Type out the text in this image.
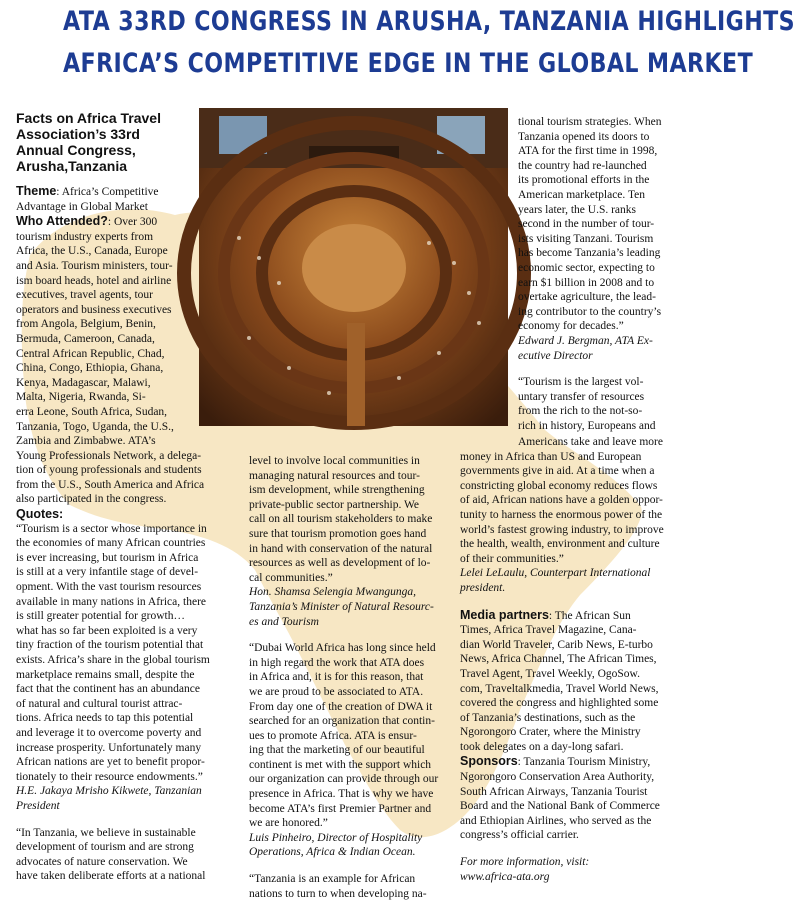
ATA 33RD CONGRESS IN ARUSHA, TANZANIA HIGHLIGHTS
AFRICA’S COMPETITIVE EDGE IN THE GLOBAL MARKET
Facts on Africa Travel
Association’s 33rd
Annual Congress,
Arusha,Tanzania
Theme: Africa’s Competitive
Advantage in Global Market
Who Attended?: Over 300
tourism industry experts from
Africa, the U.S., Canada, Europe
and Asia. Tourism ministers, tour-
ism board heads, hotel and airline
executives, travel agents, tour
operators and business executives
from Angola, Belgium, Benin,
Bermuda, Cameroon, Canada,
Central African Republic, Chad,
China, Congo, Ethiopia, Ghana,
Kenya, Madagascar, Malawi,
Malta, Nigeria, Rwanda, Si-
erra Leone, South Africa, Sudan,
Tanzania, Togo, Uganda, the U.S.,
Zambia and Zimbabwe. ATA’s
Young Professionals Network, a delega-
tion of young professionals and students
from the U.S., South America and Africa
also participated in the congress.
Quotes:
“Tourism is a sector whose importance in
the economies of many African countries
is ever increasing, but tourism in Africa
is still at a very infantile stage of devel-
opment. With the vast tourism resources
available in many nations in Africa, there
is still greater potential for growth…
what has so far been exploited is a very
tiny fraction of the tourism potential that
exists. Africa’s share in the global tourism
marketplace remains small, despite the
fact that the continent has an abundance
of natural and cultural tourist attrac-
tions. Africa needs to tap this potential
and leverage it to overcome poverty and
increase prosperity. Unfortunately many
African nations are yet to benefit propor-
tionately to their resource endowments.”
H.E. Jakaya Mrisho Kikwete, Tanzanian
President
“In Tanzania, we believe in sustainable
development of tourism and are strong
advocates of nature conservation. We
have taken deliberate efforts at a national
level to involve local communities in
managing natural resources and tour-
ism development, while strengthening
private-public sector partnership. We
call on all tourism stakeholders to make
sure that tourism promotion goes hand
in hand with conservation of the natural
resources as well as development of lo-
cal communities.”
Hon. Shamsa Selengia Mwangunga,
Tanzania’s Minister of Natural Resourc-
es and Tourism
“Dubai World Africa has long since held
in high regard the work that ATA does
in Africa and, it is for this reason, that
we are proud to be associated to ATA.
From day one of the creation of DWA it
searched for an organization that contin-
ues to promote Africa. ATA is ensur-
ing that the marketing of our beautiful
continent is met with the support which
our organization can provide through our
presence in Africa. That is why we have
become ATA’s first Premier Partner and
we are honored.”
Luis Pinheiro, Director of Hospitality
Operations, Africa & Indian Ocean.
“Tanzania is an example for African
nations to turn to when developing na-
tional tourism strategies. When
Tanzania opened its doors to
ATA for the first time in 1998,
the country had re-launched
its promotional efforts in the
American marketplace. Ten
years later, the U.S. ranks
second in the number of tour-
ists visiting Tanzani. Tourism
has become Tanzania’s leading
economic sector, expecting to
earn $1 billion in 2008 and to
overtake agriculture, the lead-
ing contributor to the country’s
economy for decades.”
Edward J. Bergman, ATA Ex-
ecutive Director
“Tourism is the largest vol-
untary transfer of resources
from the rich to the not-so-
rich in history, Europeans and
Americans take and leave more
money in Africa than US and European
governments give in aid. At a time when a
constricting global economy reduces flows
of aid, African nations have a golden oppor-
tunity to harness the enormous power of the
world’s fastest growing industry, to improve
the health, wealth, environment and culture
of their communities.”
Lelei LeLaulu, Counterpart International
president.
Media partners: The African Sun
Times, Africa Travel Magazine, Cana-
dian World Traveler, Carib News, E-turbo
News, Africa Channel, The African Times,
Travel Agent, Travel Weekly, OgoSow.
com, Traveltalkmedia, Travel World News,
covered the congress and highlighted some
of Tanzania’s destinations, such as the
Ngorongoro Crater, where the Ministry
took delegates on a day-long safari.
Sponsors: Tanzania Tourism Ministry,
Ngorongoro Conservation Area Authority,
South African Airways, Tanzania Tourist
Board and the National Bank of Commerce
and Ethiopian Airlines, who served as the
congress’s official carrier.
For more information, visit:
www.africa-ata.org
